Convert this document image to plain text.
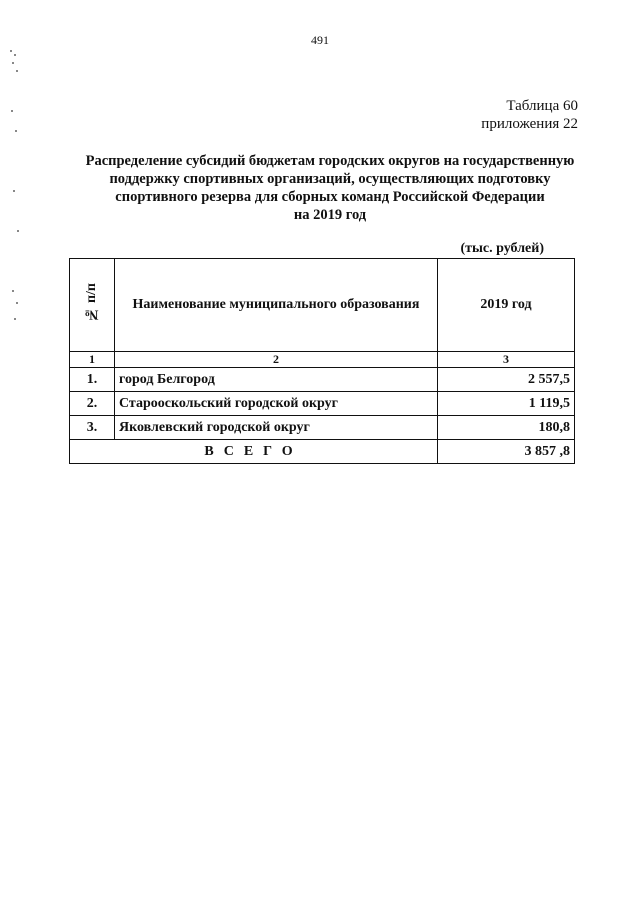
491
Таблица 60
приложения 22
Распределение субсидий бюджетам городских округов на государственную
поддержку спортивных организаций, осуществляющих подготовку
спортивного резерва для сборных команд Российской Федерации
на 2019 год
(тыс. рублей)
№ п/п	Наименование муниципального образования	2019 год
1	2	3
1.	город Белгород	2 557,5
2.	Старооскольский городской округ	1 119,5
3.	Яковлевский городской округ	180,8
ВСЕГО		3 857 ,8
